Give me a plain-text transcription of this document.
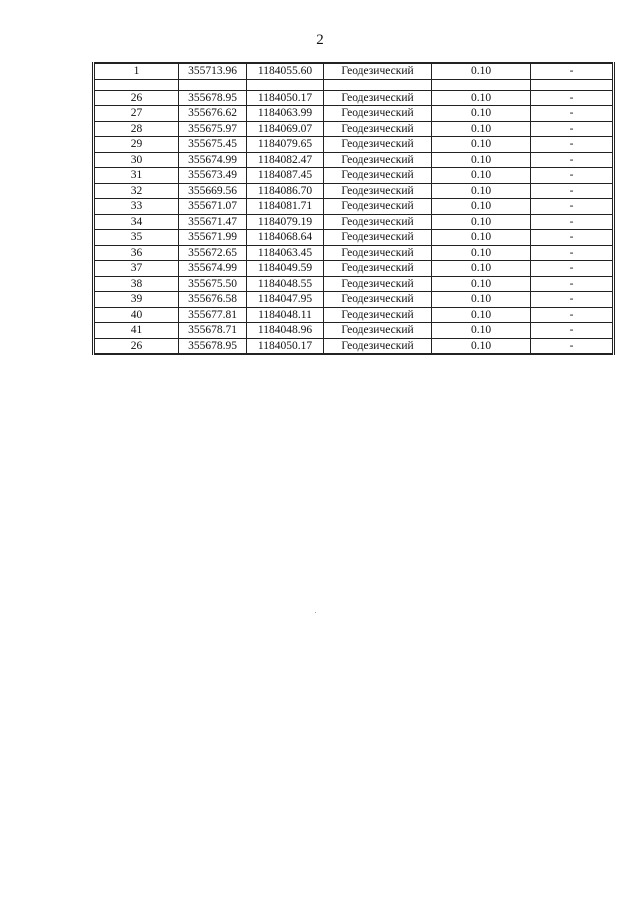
2
1	355713.96	1184055.60	Геодезический	0.10	-

26	355678.95	1184050.17	Геодезический	0.10	-
27	355676.62	1184063.99	Геодезический	0.10	-
28	355675.97	1184069.07	Геодезический	0.10	-
29	355675.45	1184079.65	Геодезический	0.10	-
30	355674.99	1184082.47	Геодезический	0.10	-
31	355673.49	1184087.45	Геодезический	0.10	-
32	355669.56	1184086.70	Геодезический	0.10	-
33	355671.07	1184081.71	Геодезический	0.10	-
34	355671.47	1184079.19	Геодезический	0.10	-
35	355671.99	1184068.64	Геодезический	0.10	-
36	355672.65	1184063.45	Геодезический	0.10	-
37	355674.99	1184049.59	Геодезический	0.10	-
38	355675.50	1184048.55	Геодезический	0.10	-
39	355676.58	1184047.95	Геодезический	0.10	-
40	355677.81	1184048.11	Геодезический	0.10	-
41	355678.71	1184048.96	Геодезический	0.10	-
26	355678.95	1184050.17	Геодезический	0.10	-
